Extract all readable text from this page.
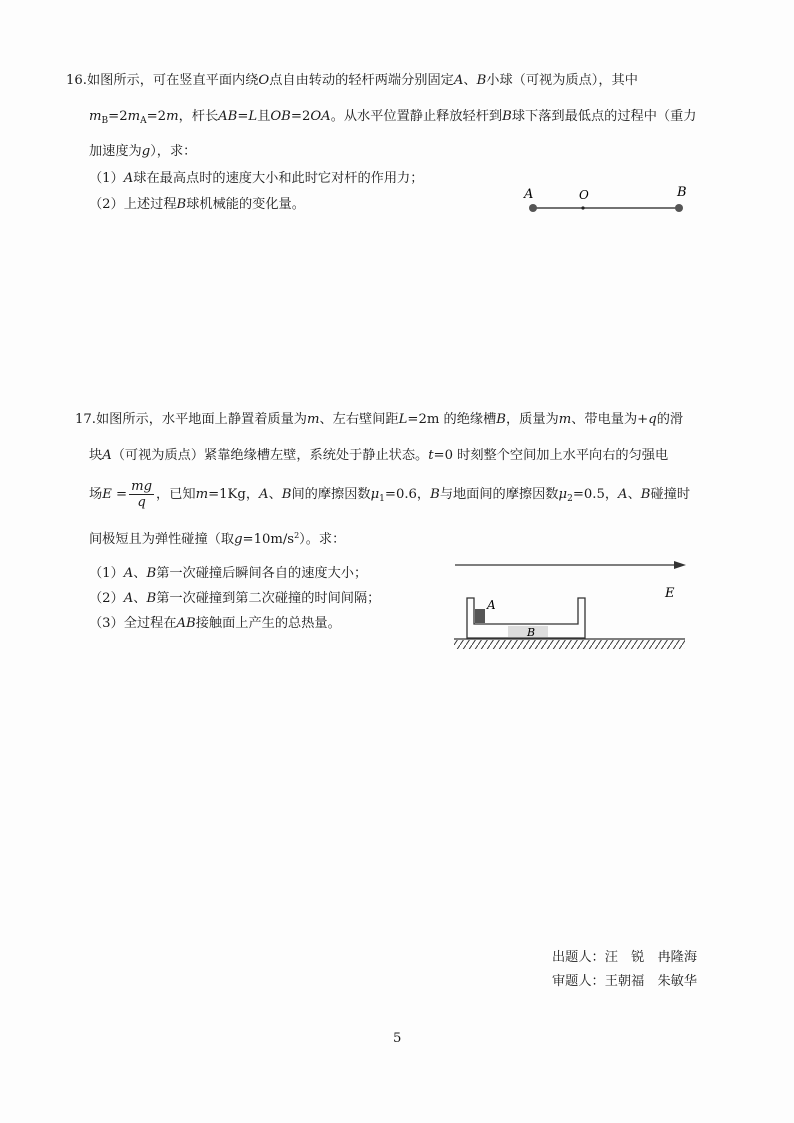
16.如图所示，可在竖直平面内绕O点自由转动的轻杆两端分别固定A、B小球（可视为质点），其中
$m_B=2m_A=2m$，杆长AB=L且OB=2OA。从水平位置静止释放轻杆到B球下落到最低点的过程中（重力
加速度为g），求：
（1）A球在最高点时的速度大小和此时它对杆的作用力；
（2）上述过程B球机械能的变化量。
A	O	B
17.如图所示，水平地面上静置着质量为m、左右壁间距L=2m 的绝缘槽B，质量为m、带电量为+q的滑
块A（可视为质点）紧靠绝缘槽左壁，系统处于静止状态。t=0 时刻整个空间加上水平向右的匀强电
场$E = \frac{mg}{q}$ ，已知m=1Kg，A、B间的摩擦因数$\mu_1=0.6$，B与地面间的摩擦因数$\mu_2=0.5$，A、B碰撞时
间极短且为弹性碰撞（取$g=10m/s^2$）。求：
（1）A、B第一次碰撞后瞬间各自的速度大小；
（2）A、B第一次碰撞到第二次碰撞的时间间隔；
（3）全过程在AB接触面上产生的总热量。
E
A
B
出题人：汪　锐　冉隆海
审题人：王朝福　朱敏华
5
